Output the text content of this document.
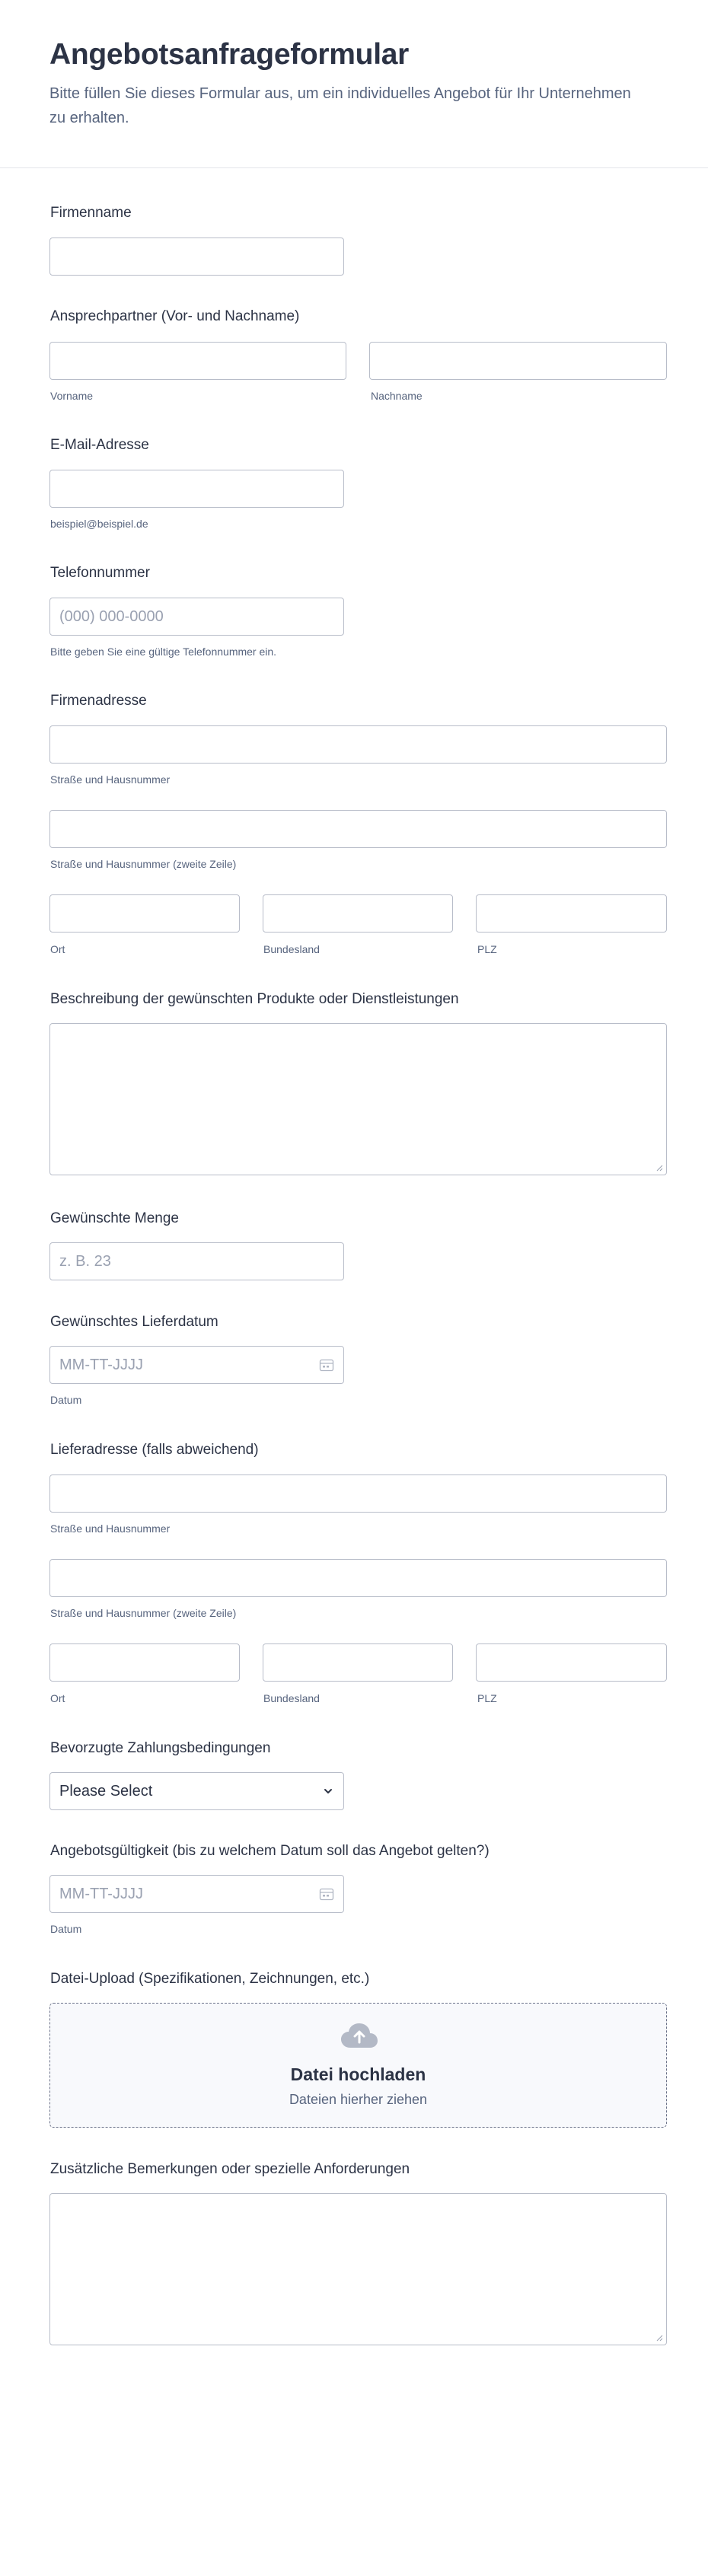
Angebotsanfrageformular
Bitte füllen Sie dieses Formular aus, um ein individuelles Angebot für Ihr Unternehmen zu erhalten.
Firmenname
Ansprechpartner (Vor- und Nachname)
Vorname	Nachname
E-Mail-Adresse
beispiel@beispiel.de
Telefonnummer
(000) 000-0000
Bitte geben Sie eine gültige Telefonnummer ein.
Firmenadresse
Straße und Hausnummer
Straße und Hausnummer (zweite Zeile)
Ort	Bundesland	PLZ
Beschreibung der gewünschten Produkte oder Dienstleistungen
Gewünschte Menge
z. B. 23
Gewünschtes Lieferdatum
MM-TT-JJJJ
Datum
Lieferadresse (falls abweichend)
Straße und Hausnummer
Straße und Hausnummer (zweite Zeile)
Ort	Bundesland	PLZ
Bevorzugte Zahlungsbedingungen
Please Select
Angebotsgültigkeit (bis zu welchem Datum soll das Angebot gelten?)
MM-TT-JJJJ
Datum
Datei-Upload (Spezifikationen, Zeichnungen, etc.)
Datei hochladen
Dateien hierher ziehen
Zusätzliche Bemerkungen oder spezielle Anforderungen
